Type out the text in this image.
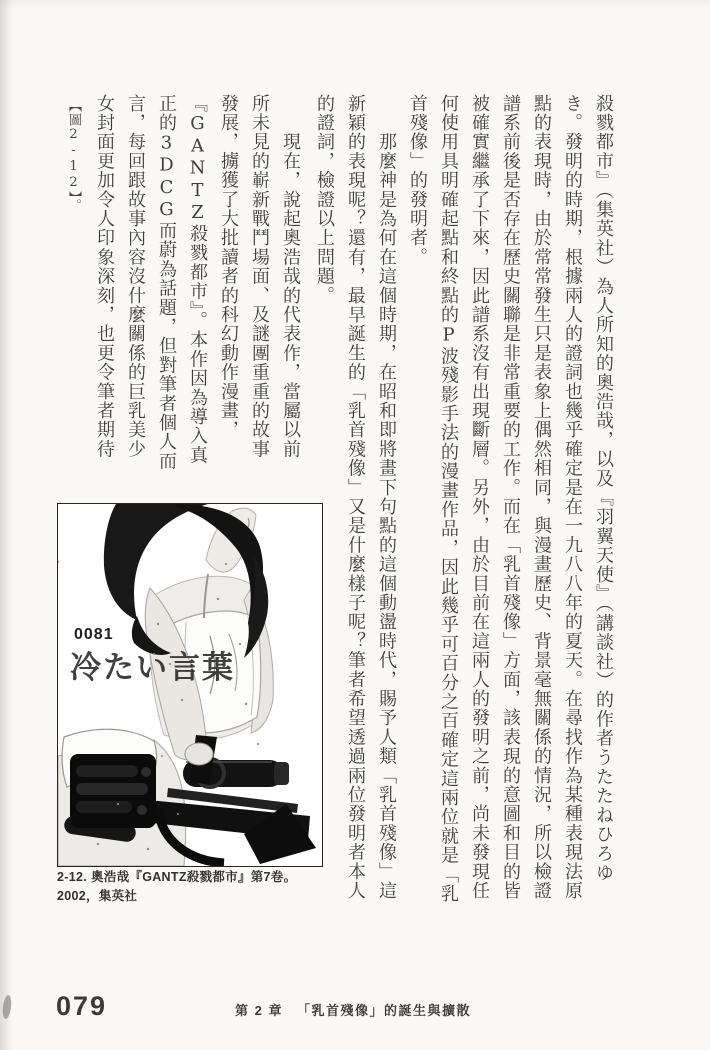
殺戮都市』（集英社）為人所知的奧浩哉，以及『羽翼天使』（講談社）的作者うたたねひろゆ
き。發明的時期，根據兩人的證詞也幾乎確定是在一九八八年的夏天。在尋找作為某種表現法原
點的表現時，由於常常發生只是表象上偶然相同，與漫畫歷史、背景毫無關係的情況，所以檢證
譜系前後是否存在歷史關聯是非常重要的工作。而在「乳首殘像」方面，該表現的意圖和目的皆
被確實繼承了下來，因此譜系沒有出現斷層。另外，由於目前在這兩人的發明之前，尚未發現任
何使用具明確起點和終點的P波殘影手法的漫畫作品，因此幾乎可百分之百確定這兩位就是「乳
首殘像」的發明者。
　　那麼神是為何在這個時期，在昭和即將畫下句點的這個動盪時代，賜予人類「乳首殘像」這
新穎的表現呢？還有，最早誕生的「乳首殘像」又是什麼樣子呢？筆者希望透過兩位發明者本人
的證詞，檢證以上問題。
　　現在，說起奧浩哉的代表作，當屬以前
所未見的嶄新戰鬥場面、及謎團重重的故事
發展，擄獲了大批讀者的科幻動作漫畫，
『GANTZ殺戮都市』。本作因為導入真
正的3DCG而蔚為話題，但對筆者個人而
言，每回跟故事內容沒什麼關係的巨乳美少
女封面更加令人印象深刻，也更令筆者期待
【圖2-12】。
0081
冷たい言葉
2-12. 奧浩哉『GANTZ殺戮都市』第7卷。
2002，集英社
079	第 2 章 「乳首殘像」的誕生與擴散
